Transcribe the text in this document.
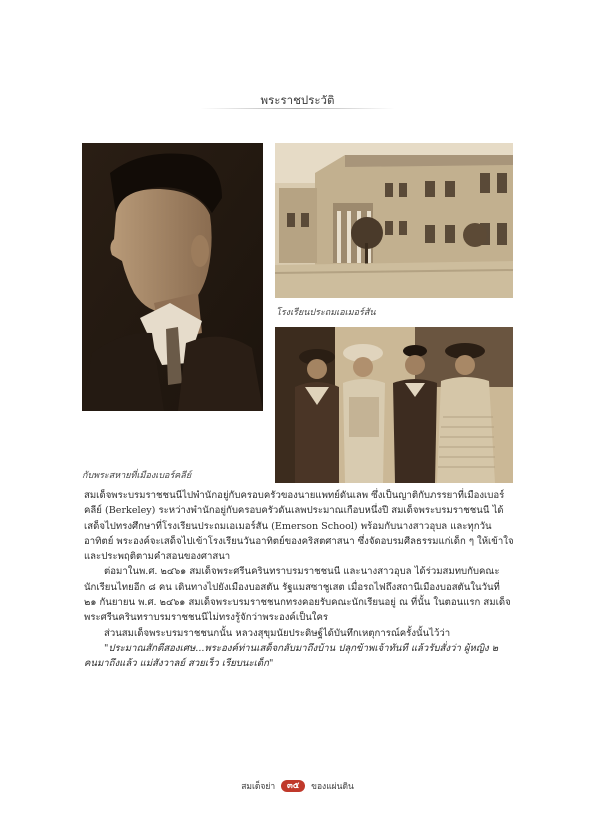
พระราชประวัติ
โรงเรียนประถมเอเมอร์สัน
กับพระสหายที่เมืองเบอร์คลีย์

สมเด็จพระบรมราชชนนีไปพำนักอยู่กับครอบครัวของนายแพทย์ดันเลพ ซึ่งเป็นญาติกับภรรยาที่เมืองเบอร์คลีย์ (Berkeley) ระหว่างพำนักอยู่กับครอบครัวดันเลพประมาณเกือบหนึ่งปี สมเด็จพระบรมราชชนนี ได้เสด็จไปทรงศึกษาที่โรงเรียนประถมเอเมอร์สัน (Emerson School) พร้อมกับนางสาวอุบล และทุกวันอาทิตย์ พระองค์จะเสด็จไปเข้าโรงเรียนวันอาทิตย์ของคริสตศาสนา ซึ่งจัดอบรมศีลธรรมแก่เด็ก ๆ ให้เข้าใจและประพฤติตามคำสอนของศาสนา

ต่อมาในพ.ศ. ๒๔๖๑ สมเด็จพระศรีนครินทราบรมราชชนนี และนางสาวอุบล ได้ร่วมสมทบกับคณะนักเรียนไทยอีก ๘ คน เดินทางไปยังเมืองบอสตัน รัฐแมสซาชูเสต เมื่อรถไฟถึงสถานีเมืองบอสตันในวันที่ ๒๑ กันยายน พ.ศ. ๒๔๖๑ สมเด็จพระบรมราชชนกทรงคอยรับคณะนักเรียนอยู่ ณ ที่นั้น ในตอนแรก สมเด็จพระศรีนครินทราบรมราชชนนีไม่ทรงรู้จักว่าพระองค์เป็นใคร

ส่วนสมเด็จพระบรมราชชนกนั้น หลวงสุขุมนัยประดิษฐ์ได้บันทึกเหตุการณ์ครั้งนั้นไว้ว่า

"ประมาณสักตีสองเศษ...พระองค์ท่านเสด็จกลับมาถึงบ้าน ปลุกข้าพเจ้าทันที แล้วรับสั่งว่า ผู้หญิง ๒ คนมาถึงแล้ว แม่สังวาลย์ สวยเร็ว เรียบนะเด็ก"

สมเด็จย่า	๓๕	ของแผ่นดิน
